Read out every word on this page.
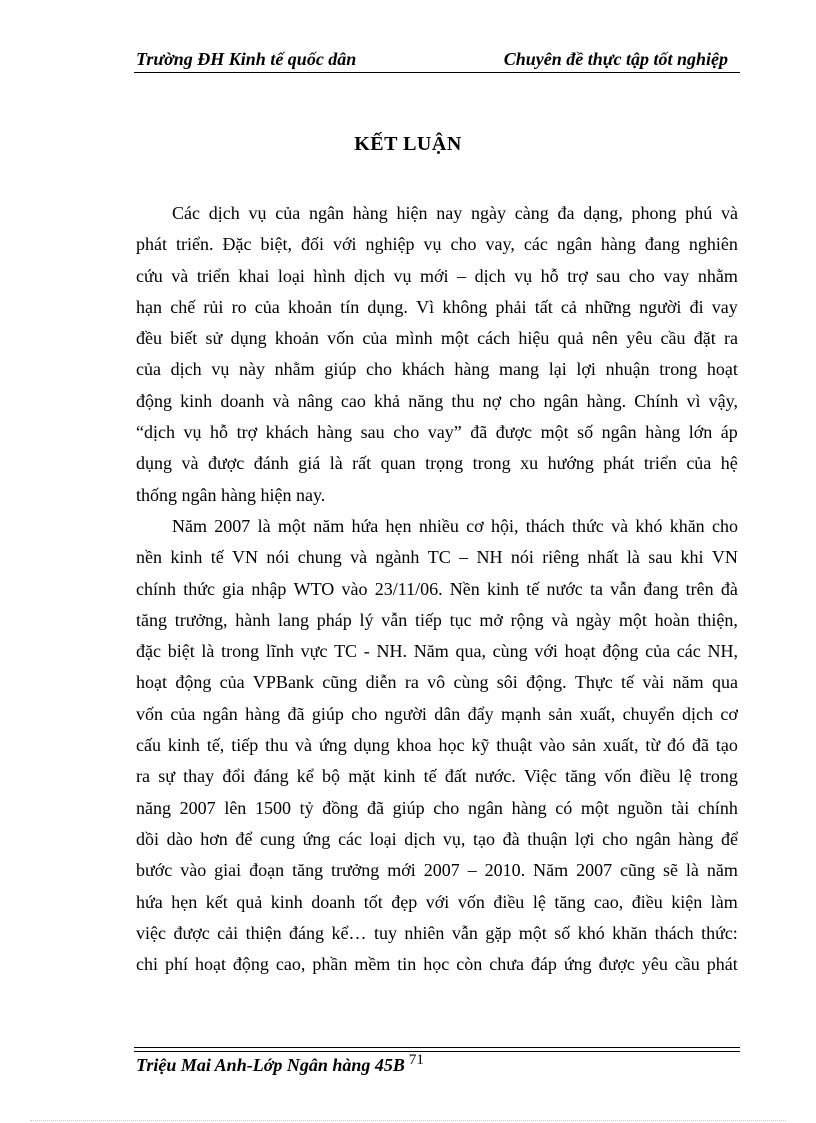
Trường ĐH Kinh tế quốc dân	Chuyên đề thực tập tốt nghiệp
KẾT LUẬN
Các dịch vụ của ngân hàng hiện nay ngày càng đa dạng, phong phú và
phát triển. Đặc biệt, đối với nghiệp vụ cho vay, các ngân hàng đang nghiên
cứu và triển khai loại hình dịch vụ mới – dịch vụ hỗ trợ sau cho vay nhằm
hạn chế rủi ro của khoản tín dụng. Vì không phải tất cả những người đi vay
đều biết sử dụng khoản vốn của mình một cách hiệu quả nên yêu cầu đặt ra
của dịch vụ này nhằm giúp cho khách hàng mang lại lợi nhuận trong hoạt
động kinh doanh và nâng cao khả năng thu nợ cho ngân hàng. Chính vì vậy,
“dịch vụ hỗ trợ khách hàng sau cho vay” đã được một số ngân hàng lớn áp
dụng và được đánh giá là rất quan trọng trong xu hướng phát triển của hệ
thống ngân hàng hiện nay.
Năm 2007 là một năm hứa hẹn nhiều cơ hội, thách thức và khó khăn cho
nền kinh tế VN nói chung và ngành TC – NH nói riêng nhất là sau khi VN
chính thức gia nhập WTO vào 23/11/06. Nền kinh tế nước ta vẫn đang trên đà
tăng trưởng, hành lang pháp lý vẫn tiếp tục mở rộng và ngày một hoàn thiện,
đặc biệt là trong lĩnh vực TC - NH. Năm qua, cùng với hoạt động của các NH,
hoạt động của VPBank cũng diễn ra vô cùng sôi động. Thực tế vài năm qua
vốn của ngân hàng đã giúp cho người dân đẩy mạnh sản xuất, chuyển dịch cơ
cấu kinh tế, tiếp thu và ứng dụng khoa học kỹ thuật vào sản xuất, từ đó đã tạo
ra sự thay đổi đáng kể bộ mặt kinh tế đất nước. Việc tăng vốn điều lệ trong
năng 2007 lên 1500 tỷ đồng đã giúp cho ngân hàng có một nguồn tài chính
dồi dào hơn để cung ứng các loại dịch vụ, tạo đà thuận lợi cho ngân hàng để
bước vào giai đoạn tăng trưởng mới 2007 – 2010. Năm 2007 cũng sẽ là năm
hứa hẹn kết quả kinh doanh tốt đẹp với vốn điều lệ tăng cao, điều kiện làm
việc được cải thiện đáng kể… tuy nhiên vẫn gặp một số khó khăn thách thức:
chi phí hoạt động cao, phần mềm tin học còn chưa đáp ứng được yêu cầu phát
Triệu Mai Anh-Lớp Ngân hàng 45B $^{71}$
